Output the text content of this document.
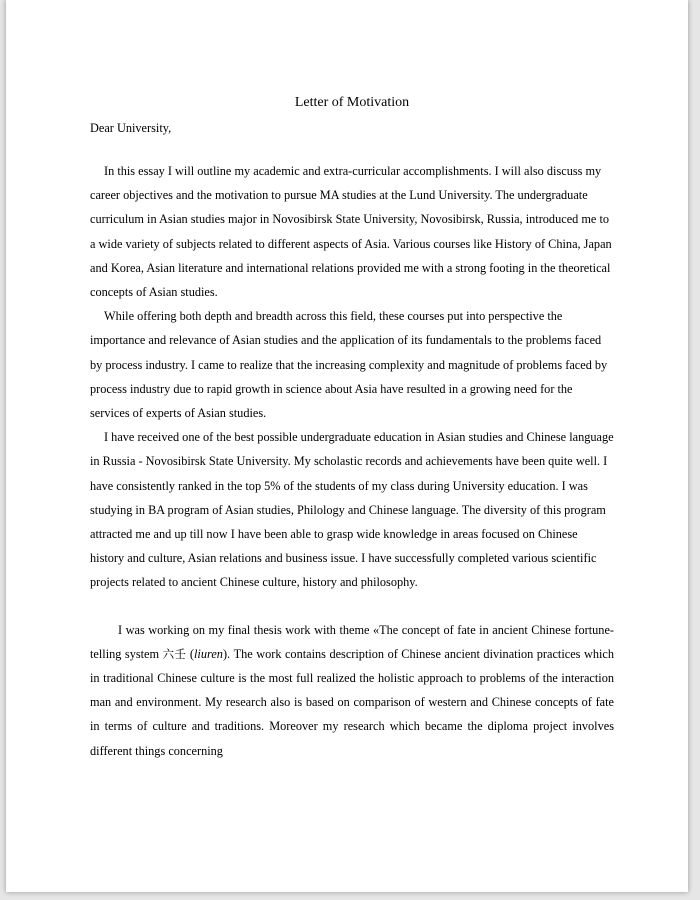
Letter of Motivation

Dear University,

In this essay I will outline my academic and extra-curricular accomplishments. I will also discuss my career objectives and the motivation to pursue MA studies at the Lund University. The undergraduate curriculum in Asian studies major in Novosibirsk State University, Novosibirsk, Russia, introduced me to a wide variety of subjects related to different aspects of Asia. Various courses like History of China, Japan and Korea, Asian literature and international relations provided me with a strong footing in the theoretical concepts of Asian studies.

While offering both depth and breadth across this field, these courses put into perspective the importance and relevance of Asian studies and the application of its fundamentals to the problems faced by process industry. I came to realize that the increasing complexity and magnitude of problems faced by process industry due to rapid growth in science about Asia have resulted in a growing need for the services of experts of Asian studies.

I have received one of the best possible undergraduate education in Asian studies and Chinese language in Russia - Novosibirsk State University. My scholastic records and achievements have been quite well. I have consistently ranked in the top 5% of the students of my class during University education. I was studying in BA program of Asian studies, Philology and Chinese language. The diversity of this program attracted me and up till now I have been able to grasp wide knowledge in areas focused on Chinese history and culture, Asian relations and business issue. I have successfully completed various scientific projects related to ancient Chinese culture, history and philosophy.

I was working on my final thesis work with theme «The concept of fate in ancient Chinese fortune-telling system 六壬 (liuren). The work contains description of Chinese ancient divination practices which in traditional Chinese culture is the most full realized the holistic approach to problems of the interaction man and environment. My research also is based on comparison of western and Chinese concepts of fate in terms of culture and traditions. Moreover my research which became the diploma project involves different things concerning
